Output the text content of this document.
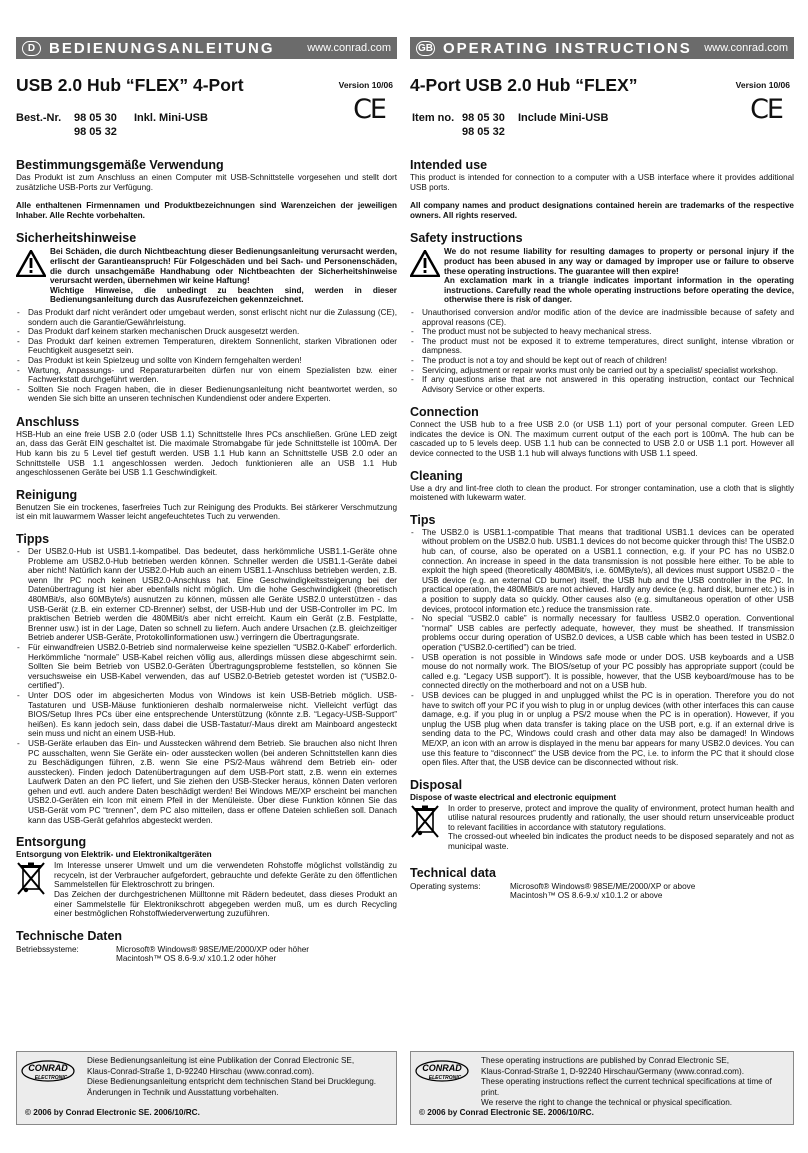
D BEDIENUNGSANLEITUNG	www.conrad.com
USB 2.0 Hub “FLEX” 4-Port	Version 10/06
CE
Best.-Nr. 98 05 30 Inkl. Mini-USB
98 05 32
Bestimmungsgemäße Verwendung

Das Produkt ist zum Anschluss an einen Computer mit USB-Schnittstelle vorgesehen und stellt dort zusätzliche USB-Ports zur Verfügung.

Alle enthaltenen Firmennamen und Produktbezeichnungen sind Warenzeichen der jeweiligen Inhaber. Alle Rechte vorbehalten.

Sicherheitshinweise
Bei Schäden, die durch Nichtbeachtung dieser Bedienungsanleitung verursacht werden, erlischt der Garantieanspruch! Für Folgeschäden und bei Sach- und Personenschäden, die durch unsachgemäße Handhabung oder Nichtbeachten der Sicherheitshinweise verursacht werden, übernehmen wir keine Haftung!
Wichtige Hinweise, die unbedingt zu beachten sind, werden in dieser Bedienungsanleitung durch das Ausrufezeichen gekennzeichnet.
- Das Produkt darf nicht verändert oder umgebaut werden, sonst erlischt nicht nur die Zulassung (CE), sondern auch die Garantie/Gewährleistung.
- Das Produkt darf keinem starken mechanischen Druck ausgesetzt werden.
- Das Produkt darf keinen extremen Temperaturen, direktem Sonnenlicht, starken Vibrationen oder Feuchtigkeit ausgesetzt sein.
- Das Produkt ist kein Spielzeug und sollte von Kindern ferngehalten werden!
- Wartung, Anpassungs- und Reparaturarbeiten dürfen nur von einem Spezialisten bzw. einer Fachwerkstatt durchgeführt werden.
- Sollten Sie noch Fragen haben, die in dieser Bedienungsanleitung nicht beantwortet werden, so wenden Sie sich bitte an unseren technischen Kundendienst oder andere Experten.
Anschluss

HSB-Hub an eine freie USB 2.0 (oder USB 1.1) Schnittstelle Ihres PCs anschließen. Grüne LED zeigt an, dass das Gerät EIN geschaltet ist. Die maximale Stromabgabe für jede Schnittstelle ist 100mA. Der Hub kann bis zu 5 Level tief gestuft werden. USB 1.1 Hub kann an Schnittstelle USB 2.0 oder an Schnittstelle USB 1.1 angeschlossen werden. Jedoch funktionieren alle an USB 1.1 Hub angeschlossenen Geräte bei USB 1.1 Geschwindigkeit.

Reinigung

Benutzen Sie ein trockenes, faserfreies Tuch zur Reinigung des Produkts. Bei stärkerer Verschmutzung ist ein mit lauwarmem Wasser leicht angefeuchtetes Tuch zu verwenden.

Tipps
- Der USB2.0-Hub ist USB1.1-kompatibel. Das bedeutet, dass herkömmliche USB1.1-Geräte ohne Probleme am USB2.0-Hub betrieben werden können. Schneller werden die USB1.1-Geräte dabei aber nicht! Natürlich kann der USB2.0-Hub auch an einem USB1.1-Anschluss betrieben werden, z.B. wenn Ihr PC noch keinen USB2.0-Anschluss hat. Eine Geschwindigkeitssteigerung bei der Datenübertragung ist hier aber ebenfalls nicht möglich. Um die hohe Geschwindigkeit (theoretisch 480MBit/s, also 60MByte/s) ausnutzen zu können, müssen alle Geräte USB2.0 unterstützen - das USB-Gerät (z.B. ein externer CD-Brenner) selbst, der USB-Hub und der USB-Controller im PC. Im praktischen Betrieb werden die 480MBit/s aber nicht erreicht. Kaum ein Gerät (z.B. Festplatte, Brenner usw.) ist in der Lage, Daten so schnell zu liefern. Auch andere Ursachen (z.B. gleichzeitiger Betrieb anderer USB-Geräte, Protokollinformationen usw.) verringern die Übertragungsrate.
- Für einwandfreien USB2.0-Betrieb sind normalerweise keine speziellen “USB2.0-Kabel” erforderlich. Herkömmliche “normale” USB-Kabel reichen völlig aus, allerdings müssen diese abgeschirmt sein. Sollten Sie beim Betrieb von USB2.0-Geräten Übertragungsprobleme feststellen, so können Sie versuchsweise ein USB-Kabel verwenden, das auf USB2.0-Betrieb getestet worden ist (“USB2.0-certified”).
- Unter DOS oder im abgesicherten Modus von Windows ist kein USB-Betrieb möglich. USB-Tastaturen und USB-Mäuse funktionieren deshalb normalerweise nicht. Vielleicht verfügt das BIOS/Setup Ihres PCs über eine entsprechende Unterstützung (könnte z.B. “Legacy-USB-Support” heißen). Es kann jedoch sein, dass dabei die USB-Tastatur/-Maus direkt am Mainboard angesteckt sein muss und nicht an einem USB-Hub.
- USB-Geräte erlauben das Ein- und Ausstecken während dem Betrieb. Sie brauchen also nicht Ihren PC ausschalten, wenn Sie Geräte ein- oder ausstecken wollen (bei anderen Schnittstellen kann dies zu Beschädigungen führen, z.B. wenn Sie eine PS/2-Maus während dem Betrieb ein- oder ausstecken). Finden jedoch Datenübertragungen auf dem USB-Port statt, z.B. wenn ein externes Laufwerk Daten an den PC liefert, und Sie ziehen den USB-Stecker heraus, können Daten verloren gehen und evtl. auch andere Daten beschädigt werden! Bei Windows ME/XP erscheint bei manchen USB2.0-Geräten ein Icon mit einem Pfeil in der Menüleiste. Über diese Funktion können Sie das USB-Gerät vom PC “trennen”, dem PC also mitteilen, dass er offene Dateien schließen soll. Danach kann das USB-Gerät gefahrlos abgesteckt werden.
Entsorgung
Entsorgung von Elektrik- und Elektronikaltgeräten

Im Interesse unserer Umwelt und um die verwendeten Rohstoffe möglichst vollständig zu recyceln, ist der Verbraucher aufgefordert, gebrauchte und defekte Geräte zu den öffentlichen Sammelstellen für Elektroschrott zu bringen.

Das Zeichen der durchgestrichenen Mülltonne mit Rädern bedeutet, dass dieses Produkt an einer Sammelstelle für Elektronikschrott abgegeben werden muß, um es durch Recycling einer bestmöglichen Rohstoffwiederverwertung zuzuführen.

Technische Daten
Betriebssysteme:	Microsoft® Windows® 98SE/ME/2000/XP oder höher
Macintosh™ OS 8.6-9.x/ x10.1.2 oder höher
CONRAD
ELECTRONIC
Diese Bedienungsanleitung ist eine Publikation der Conrad Electronic SE,
Klaus-Conrad-Straße 1, D-92240 Hirschau (www.conrad.com).
Diese Bedienungsanleitung entspricht dem technischen Stand bei Drucklegung.
Änderungen in Technik und Ausstattung vorbehalten.
© 2006 by Conrad Electronic SE. 2006/10/RC.
GB OPERATING INSTRUCTIONS	www.conrad.com
4-Port USB 2.0 Hub “FLEX”	Version 10/06
CE
Item no. 98 05 30 Include Mini-USB
98 05 32
Intended use

This product is intended for connection to a computer with a USB interface where it provides additional USB ports.

All company names and product designations contained herein are trademarks of the respective owners. All rights reserved.

Safety instructions
We do not resume liability for resulting damages to property or personal injury if the product has been abused in any way or damaged by improper use or failure to observe these operating instructions. The guarantee will then expire!
An exclamation mark in a triangle indicates important information in the operating instructions. Carefully read the whole operating instructions before operating the device, otherwise there is risk of danger.
- Unauthorised conversion and/or modific ation of the device are inadmissible because of safety and approval reasons (CE).
- The product must not be subjected to heavy mechanical stress.
- The product must not be exposed it to extreme temperatures, direct sunlight, intense vibration or dampness.
- The product is not a toy and should be kept out of reach of children!
- Servicing, adjustment or repair works must only be carried out by a specialist/ specialist workshop.
- If any questions arise that are not answered in this operating instruction, contact our Technical Advisory Service or other experts.
Connection

Connect the USB hub to a free USB 2.0 (or USB 1.1) port of your personal computer. Green LED indicates the device is ON. The maximum current output of the each port is 100mA. The hub can be cascaded up to 5 levels deep. USB 1.1 hub can be connected to USB 2.0 or USB 1.1 port. However all device connected to the USB 1.1 hub will always functions with USB 1.1 speed.

Cleaning

Use a dry and lint-free cloth to clean the product. For stronger contamination, use a cloth that is slightly moistened with lukewarm water.

Tips
- The USB2.0 is USB1.1-compatible That means that traditional USB1.1 devices can be operated without problem on the USB2.0 hub. USB1.1 devices do not become quicker through this! The USB2.0 hub can, of course, also be operated on a USB1.1 connection, e.g. if your PC has no USB2.0 connection. An increase in speed in the data transmission is not possible here either. To be able to exploit the high speed (theoretically 480MBit/s, i.e. 60MByte/s), all devices must support USB2.0 - the USB device (e.g. an external CD burner) itself, the USB hub and the USB controller in the PC. In practical operation, the 480MBit/s are not achieved. Hardly any device (e.g. hard disk, burner etc.) is in a position to supply data so quickly. Other causes also (e.g. simultaneous operation of other USB devices, protocol information etc.) reduce the transmission rate.
- No special “USB2.0 cable” is normally necessary for faultless USB2.0 operation. Conventional “normal” USB cables are perfectly adequate, however, they must be sheathed. If transmission problems occur during operation of USB2.0 devices, a USB cable which has been tested in USB2.0 operation (“USB2.0-certified”) can be tried.
- USB operation is not possible in Windows safe mode or under DOS. USB keyboards and a USB mouse do not normally work. The BIOS/setup of your PC possibly has appropriate support (could be called e.g. “Legacy USB support”). It is possible, however, that the USB keyboard/mouse has to be connected directly on the motherboard and not on a USB hub.
- USB devices can be plugged in and unplugged whilst the PC is in operation. Therefore you do not have to switch off your PC if you wish to plug in or unplug devices (with other interfaces this can cause damage, e.g. if you plug in or unplug a PS/2 mouse when the PC is in operation). However, if you unplug the USB plug when data transfer is taking place on the USB port, e.g. if an external drive is sending data to the PC, Windows could crash and other data may also be damaged! In Windows ME/XP, an icon with an arrow is displayed in the menu bar appears for many USB2.0 devices. You can use this feature to “disconnect” the USB device from the PC, i.e. to inform the PC that it should close open files. After that, the USB device can be disconnected without risk.
Disposal
Dispose of waste electrical and electronic equipment

In order to preserve, protect and improve the quality of environment, protect human health and utilise natural resources prudently and rationally, the user should return unserviceable product to relevant facilities in accordance with statutory regulations.

The crossed-out wheeled bin indicates the product needs to be disposed separately and not as municipal waste.

Technical data
Operating systems:	Microsoft® Windows® 98SE/ME/2000/XP or above
Macintosh™ OS 8.6-9.x/ x10.1.2 or above
CONRAD
ELECTRONIC
These operating instructions are published by Conrad Electronic SE,
Klaus-Conrad-Straße 1, D-92240 Hirschau/Germany (www.conrad.com).
These operating instructions reflect the current technical specifications at time of print.
We reserve the right to change the technical or physical specification.
© 2006 by Conrad Electronic SE. 2006/10/RC.
